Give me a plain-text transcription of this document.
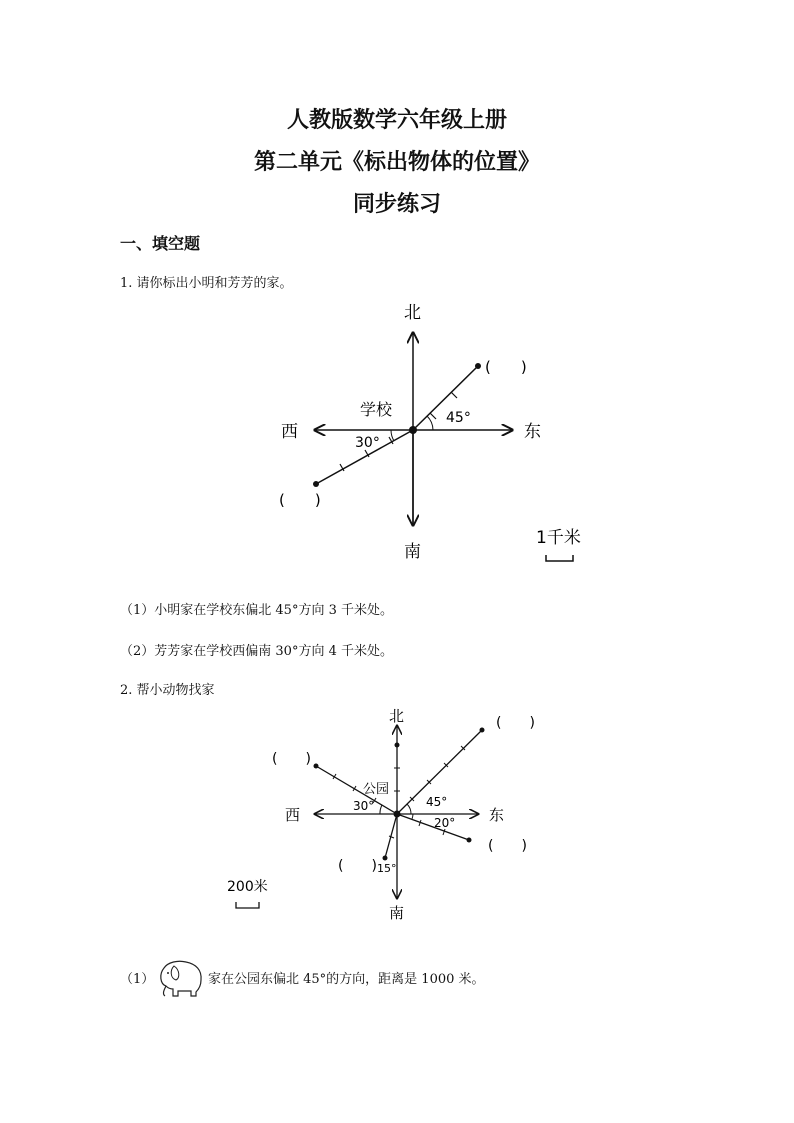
人教版数学六年级上册
第二单元《标出物体的位置》
同步练习
一、填空题
1. 请你标出小明和芳芳的家。
北
南
西	东
学校	45°
30°
(　　)
(　　)
1千米
（1）小明家在学校东偏北 45°方向 3 千米处。
（2）芳芳家在学校西偏南 30°方向 4 千米处。
2. 帮小动物找家
北
南
西	东
公园
45°
30°
20°
15°
(　　)
(　　)
(　　)
(　　)
200米
（1）	家在公园东偏北 45°的方向，距离是 1000 米。
